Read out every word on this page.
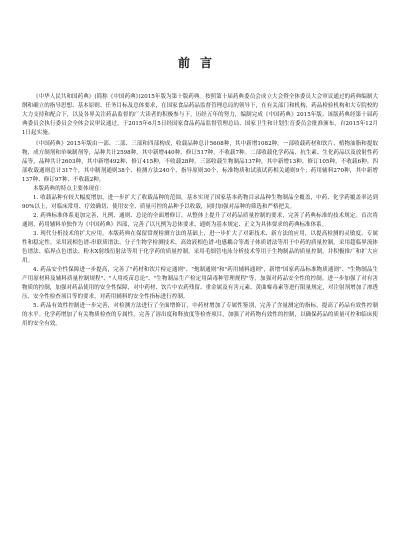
前言

《中华人民共和国药典》(简称《中国药典》)2015年版为第十版药典。按照第十届药典委员会成立大会暨全体委员大会审议通过的药典编制大纲和确立的指导思想、基本原则、任务目标及总体要求，在国家食品药品监督管理总局的领导下，在有关部门和机构、药品检验机构和大专院校的大力支持和配合下，以及各界关注药品监督的广大读者的积极参与下，历经五年的努力，编制完成《中国药典》2015年版。该版药典经第十届药典委员会执行委员会全体会议审议通过，于2015年6月5日经国家食品药品监督管理总局、国家卫生和计划生育委员会批准颁布，自2015年12月1日起实施。

《中国药典》2015年版由一部、二部、三部和四部构成，收载品种总计5608种，其中新增1082种。一部收载药材和饮片、植物油脂和提取物、成方制剂和单味制剂等，品种共计2598种，其中新增440种、修订517种，不收载7种。二部收载化学药品、抗生素、生化药品以及放射性药品等，品种共计2603种，其中新增492种、修订415种，不收载28种。三部收载生物制品137种，其中新增13种、修订105种，不收载6种。四部收载通则总计317个，其中制剂通则38个、检测方法240个、指导原则30个、标准物质和试液试药相关通则9个；药用辅料270种，其中新增137种、修订97种、不收载2种。

本版药典的特点主要体现在：

1. 收载品种有较大幅度增加，进一步扩大了收载品种的范围，基本实现了国家基本药物目录品种生物制品全覆盖，中药、化学药覆盖率达到90%以上，对临床常用、疗效确切、使用安全、质量可控的品种予以收载，同时加强对品种的筛选和严格把关。

2. 药典标准体系更加完善，凡例、通则、总论的全面增修订，从整体上提升了对药品质量控制的要求，完善了药典标准的技术规定。首次将通则、药用辅料单独作为《中国药典》四部，完善了以凡例为总体要求、通则为基本规定、正文为具体要求的药典标准体系。

3. 现代分析技术的扩大应用，本版药典在保留常规检测方法的基础上，进一步扩大了对新技术、新方法的应用，以提高检测的灵敏度、专属性和稳定性。采用液相色谱-串联质谱法、分子生物学检测技术、高效液相色谱-电感耦合等离子体质谱法等用于中药的质量控制。采用超临界流体色谱法、临界点色谱法、粉末X射线衍射法等用于化学药的质量控制。采用毛细管电泳分析技术等用于生物制品的质量控制，并积极推广和扩大应用。

4. 药品安全性保障进一步提高，完善了"药材和饮片检定通则"、"炮制通则"和"药用辅料通则"，新增"国家药品标准物质通则"、"生物制品生产用原材料及辅料质量控制规程"、"人用疫苗总论"、"生物制品生产检定用菌毒种管理规程"等，加强对药品安全性的控制。进一步加强了对有害物质的控制，加强对药品使用的安全性保障，对中药材、饮片中农药残留、重金属及有害元素、黄曲霉毒素等进行限量规定，对注射剂增加了渗透压、安全性检查项目等的要求，对药用辅料的安全性指标进行控制。

5. 药品有效性控制进一步完善，对检测方法进行了全面增修订，中药材增加了专属性鉴别，完善了含量测定的指标，提高了药品有效性控制的水平。化学药增加了有关物质检查的专属性，完善了溶出度和释放度等检查项目，加强了对药物有效性的控制，以确保药品的质量可控和临床使用的安全有效。
